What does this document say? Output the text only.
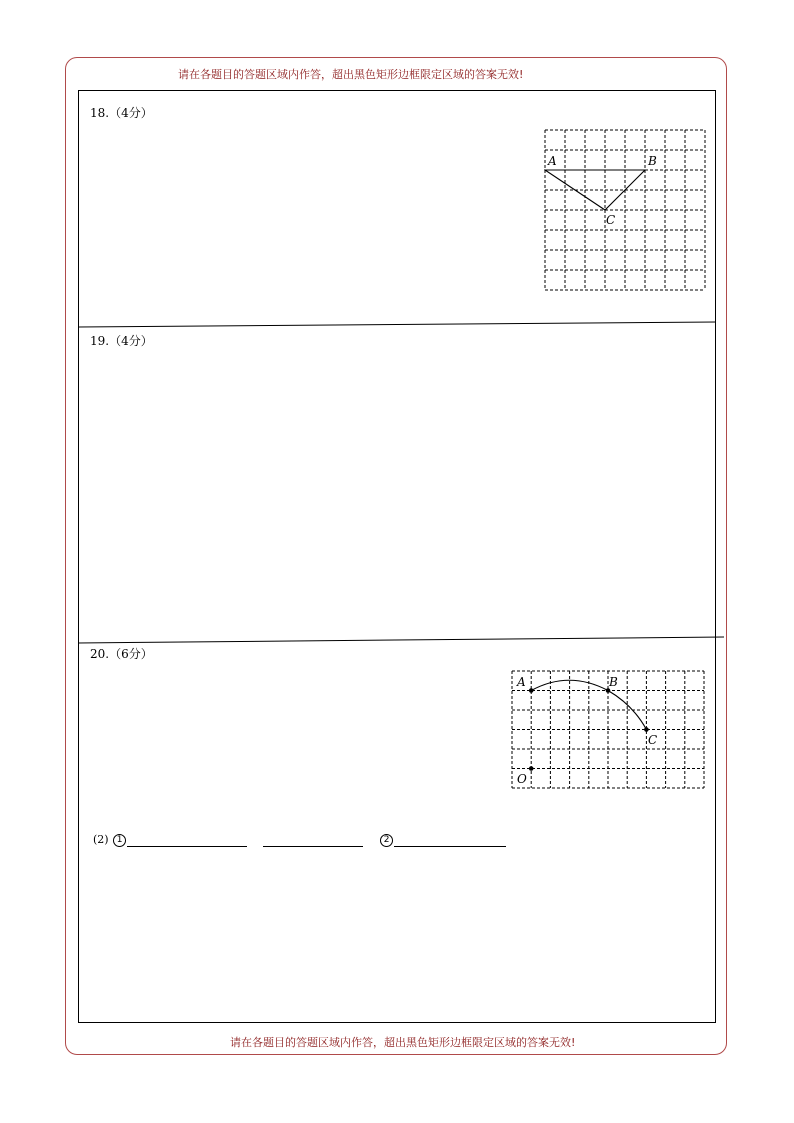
请在各题目的答题区域内作答，超出黑色矩形边框限定区域的答案无效!
18.（4分）
A	B
C
19.（4分）
20.（6分）
A	B
C
O
(2) 1	2
请在各题目的答题区域内作答，超出黑色矩形边框限定区域的答案无效!
